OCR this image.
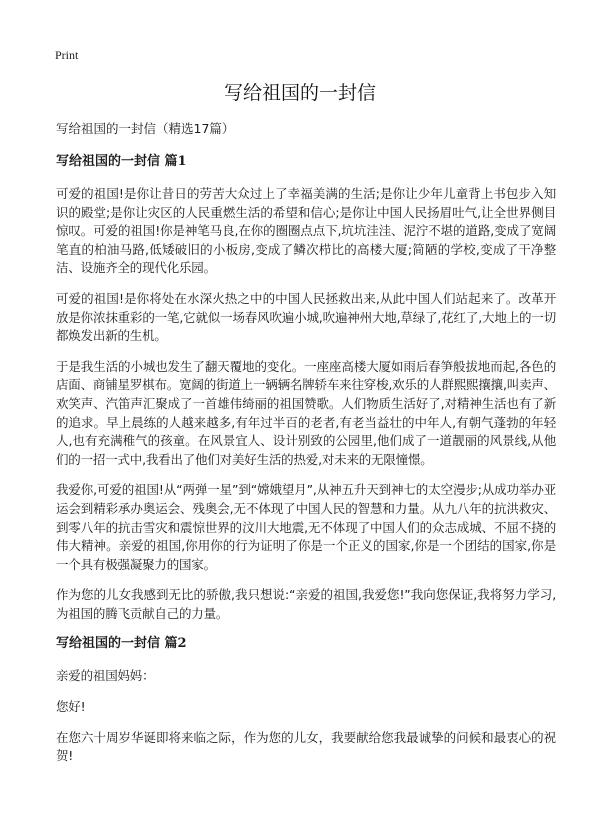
Print
写给祖国的一封信

写给祖国的一封信（精选17篇）

写给祖国的一封信 篇1

可爱的祖国!是你让昔日的劳苦大众过上了幸福美满的生活;是你让少年儿童背上书包步入知识的殿堂;是你让灾区的人民重燃生活的希望和信心;是你让中国人民扬眉吐气,让全世界侧目惊叹。可爱的祖国!你是神笔马良,在你的圈圈点点下,坑坑洼洼、泥泞不堪的道路,变成了宽阔笔直的柏油马路,低矮破旧的小板房,变成了鳞次栉比的高楼大厦;简陋的学校,变成了干净整洁、设施齐全的现代化乐园。

可爱的祖国!是你将处在水深火热之中的中国人民拯救出来,从此中国人们站起来了。改革开放是你浓抹重彩的一笔,它就似一场春风吹遍小城,吹遍神州大地,草绿了,花红了,大地上的一切都焕发出新的生机。

于是我生活的小城也发生了翻天覆地的变化。一座座高楼大厦如雨后春笋般拔地而起,各色的店面、商铺星罗棋布。宽阔的街道上一辆辆名牌轿车来往穿梭,欢乐的人群熙熙攘攘,叫卖声、欢笑声、汽笛声汇聚成了一首雄伟绮丽的祖国赞歌。人们物质生活好了,对精神生活也有了新的追求。早上晨练的人越来越多,有年过半百的老者,有老当益壮的中年人,有朝气蓬勃的年轻人,也有充满稚气的孩童。在风景宜人、设计别致的公园里,他们成了一道靓丽的风景线,从他们的一招一式中,我看出了他们对美好生活的热爱,对未来的无限憧憬。

我爱你,可爱的祖国!从“两弹一星”到“嫦娥望月”,从神五升天到神七的太空漫步;从成功举办亚运会到精彩承办奥运会、残奥会,无不体现了中国人民的智慧和力量。从九八年的抗洪救灾、到零八年的抗击雪灾和震惊世界的汶川大地震,无不体现了中国人们的众志成城、不屈不挠的伟大精神。亲爱的祖国,你用你的行为证明了你是一个正义的国家,你是一个团结的国家,你是一个具有极强凝聚力的国家。

作为您的儿女我感到无比的骄傲,我只想说:“亲爱的祖国,我爱您!”我向您保证,我将努力学习,为祖国的腾飞贡献自己的力量。

写给祖国的一封信 篇2

亲爱的祖国妈妈：

您好!

在您六十周岁华诞即将来临之际，作为您的儿女，我要献给您我最诚挚的问候和最衷心的祝贺!
